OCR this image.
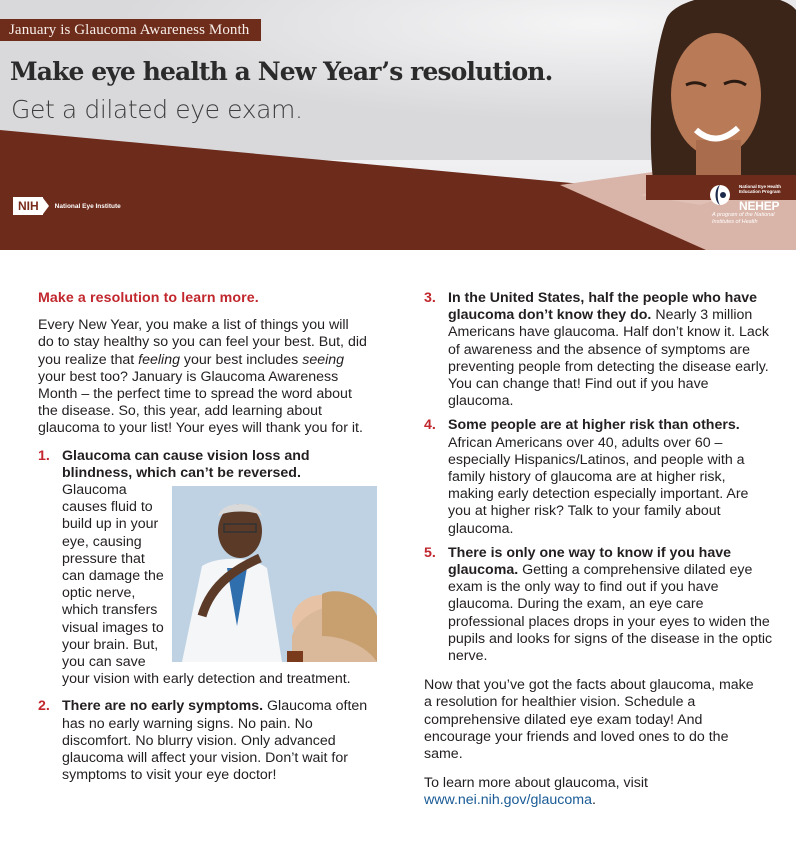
January is Glaucoma Awareness Month
Make eye health a New Year’s resolution.
Get a dilated eye exam.
NIH	National Eye Institute
National Eye Health Education Program
NEHEP
A program of the National Institutes of Health
Make a resolution to learn more.

Every New Year, you make a list of things you will do to stay healthy so you can feel your best. But, did you realize that feeling your best includes seeing your best too? January is Glaucoma Awareness Month – the perfect time to spread the word about the disease. So, this year, add learning about glaucoma to your list! Your eyes will thank you for it.

1. Glaucoma can cause vision loss and blindness, which can’t be reversed.
Glaucoma causes fluid to build up in your eye, causing pressure that can damage the optic nerve, which transfers visual images to your brain. But, you can save your vision with early detection and treatment.
2. There are no early symptoms. Glaucoma often has no early warning signs. No pain. No discomfort. No blurry vision. Only advanced glaucoma will affect your vision. Don’t wait for symptoms to visit your eye doctor!
3. In the United States, half the people who have glaucoma don’t know they do. Nearly 3 million Americans have glaucoma. Half don’t know it. Lack of awareness and the absence of symptoms are preventing people from detecting the disease early. You can change that! Find out if you have glaucoma.
4. Some people are at higher risk than others. African Americans over 40, adults over 60 – especially Hispanics/Latinos, and people with a family history of glaucoma are at higher risk, making early detection especially important. Are you at higher risk? Talk to your family about glaucoma.
5. There is only one way to know if you have glaucoma. Getting a comprehensive dilated eye exam is the only way to find out if you have glaucoma. During the exam, an eye care professional places drops in your eyes to widen the pupils and looks for signs of the disease in the optic nerve.

Now that you’ve got the facts about glaucoma, make a resolution for healthier vision. Schedule a comprehensive dilated eye exam today! And encourage your friends and loved ones to do the same.

To learn more about glaucoma, visit
www.nei.nih.gov/glaucoma.
